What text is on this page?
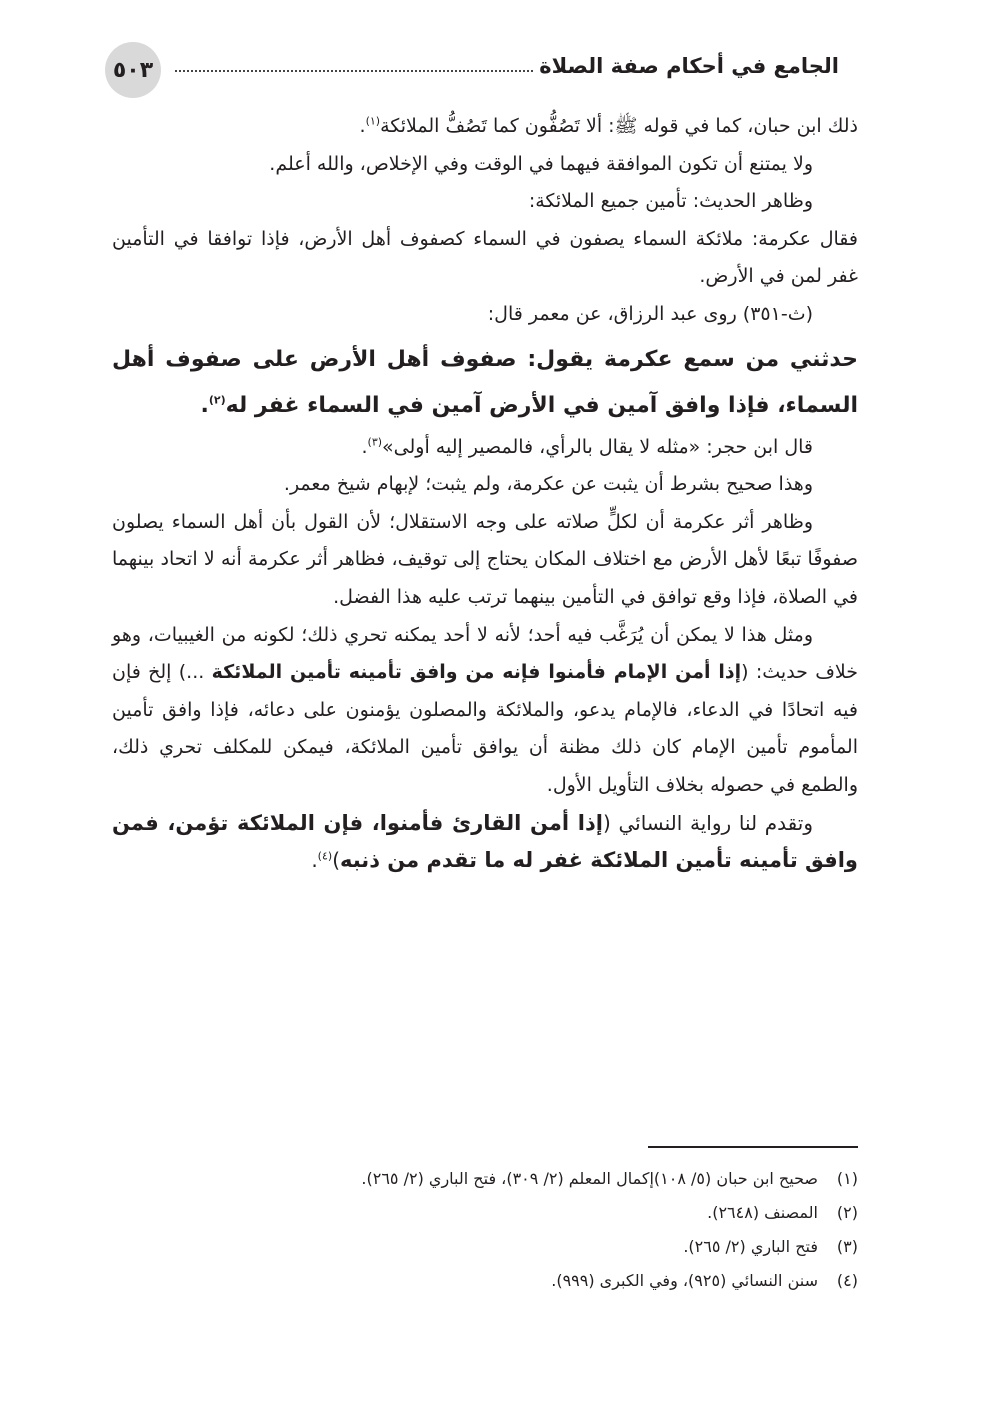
الجامع في أحكام صفة الصلاة
٥٠٣

ذلك ابن حبان، كما في قوله ﷺ: ألا تَصُفُّون كما تَصُفُّ الملائكة$^{(١)}$.

ولا يمتنع أن تكون الموافقة فيهما في الوقت وفي الإخلاص، والله أعلم.

وظاهر الحديث: تأمين جميع الملائكة:

فقال عكرمة: ملائكة السماء يصفون في السماء كصفوف أهل الأرض، فإذا توافقا في التأمين غفر لمن في الأرض.

(ث-٣٥١) روى عبد الرزاق، عن معمر قال:

حدثني من سمع عكرمة يقول: صفوف أهل الأرض على صفوف أهل السماء، فإذا وافق آمين في الأرض آمين في السماء غفر له$^{(٢)}$.

قال ابن حجر: «مثله لا يقال بالرأي، فالمصير إليه أولى»$^{(٣)}$.

وهذا صحيح بشرط أن يثبت عن عكرمة، ولم يثبت؛ لإبهام شيخ معمر.

وظاهر أثر عكرمة أن لكلٍّ صلاته على وجه الاستقلال؛ لأن القول بأن أهل السماء يصلون صفوفًا تبعًا لأهل الأرض مع اختلاف المكان يحتاج إلى توقيف، فظاهر أثر عكرمة أنه لا اتحاد بينهما في الصلاة، فإذا وقع توافق في التأمين بينهما ترتب عليه هذا الفضل.

ومثل هذا لا يمكن أن يُرَغَّب فيه أحد؛ لأنه لا أحد يمكنه تحري ذلك؛ لكونه من الغيبيات، وهو خلاف حديث: (إذا أمن الإمام فأمنوا فإنه من وافق تأمينه تأمين الملائكة ...) إلخ فإن فيه اتحادًا في الدعاء، فالإمام يدعو، والملائكة والمصلون يؤمنون على دعائه، فإذا وافق تأمين المأموم تأمين الإمام كان ذلك مظنة أن يوافق تأمين الملائكة، فيمكن للمكلف تحري ذلك، والطمع في حصوله بخلاف التأويل الأول.

وتقدم لنا رواية النسائي (إذا أمن القارئ فأمنوا، فإن الملائكة تؤمن، فمن وافق تأمينه تأمين الملائكة غفر له ما تقدم من ذنبه)$^{(٤)}$.

(١)صحيح ابن حبان (٥/ ١٠٨)إكمال المعلم (٢/ ٣٠٩)، فتح الباري (٢/ ٢٦٥).
(٢)المصنف (٢٦٤٨).
(٣)فتح الباري (٢/ ٢٦٥).
(٤)سنن النسائي (٩٢٥)، وفي الكبرى (٩٩٩).
